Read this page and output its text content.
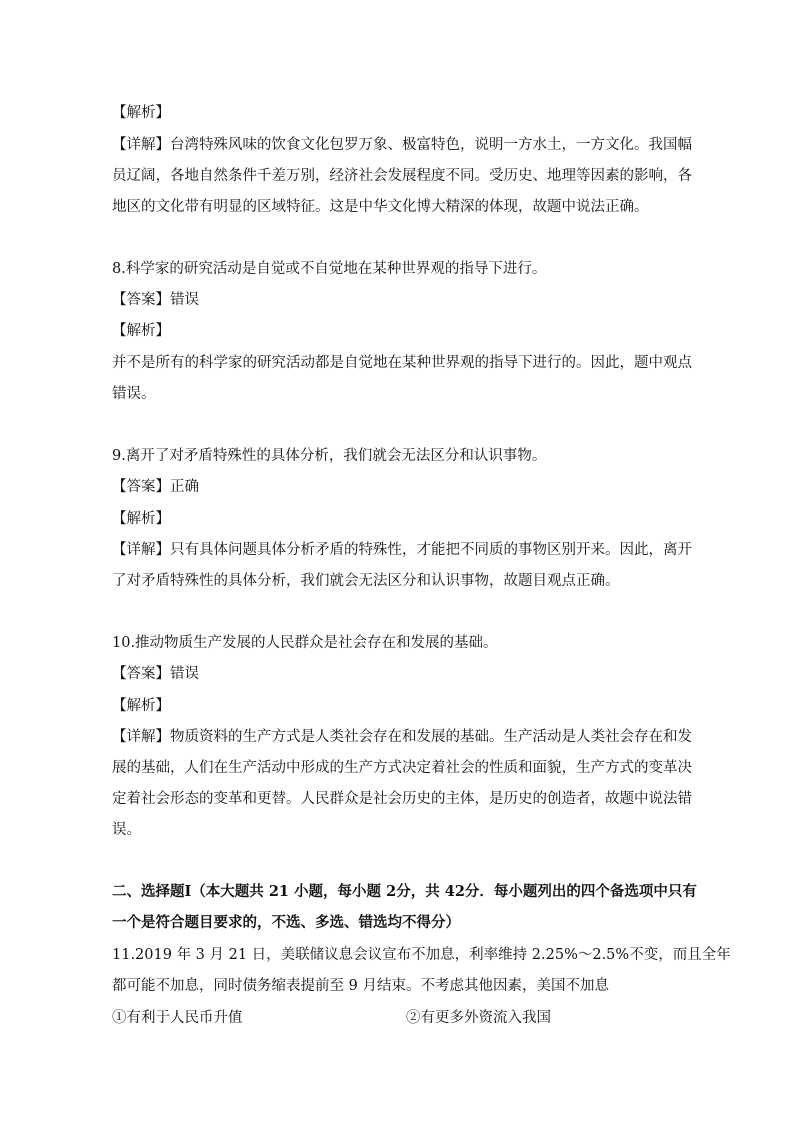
【解析】
【详解】台湾特殊风味的饮食文化包罗万象、极富特色，说明一方水土，一方文化。我国幅
员辽阔，各地自然条件千差万别，经济社会发展程度不同。受历史、地理等因素的影响，各
地区的文化带有明显的区域特征。这是中华文化博大精深的体现，故题中说法正确。
8.科学家的研究活动是自觉或不自觉地在某种世界观的指导下进行。
【答案】错误
【解析】
并不是所有的科学家的研究活动都是自觉地在某种世界观的指导下进行的。因此，题中观点
错误。
9.离开了对矛盾特殊性的具体分析，我们就会无法区分和认识事物。
【答案】正确
【解析】
【详解】只有具体问题具体分析矛盾的特殊性，才能把不同质的事物区别开来。因此，离开
了对矛盾特殊性的具体分析，我们就会无法区分和认识事物，故题目观点正确。
10.推动物质生产发展的人民群众是社会存在和发展的基础。
【答案】错误
【解析】
【详解】物质资料的生产方式是人类社会存在和发展的基础。生产活动是人类社会存在和发
展的基础，人们在生产活动中形成的生产方式决定着社会的性质和面貌，生产方式的变革决
定着社会形态的变革和更替。人民群众是社会历史的主体，是历史的创造者，故题中说法错
误。
二、选择题Ⅰ（本大题共 21 小题，每小题 2分，共 42分．每小题列出的四个备选项中只有
一个是符合题目要求的，不选、多选、错选均不得分）
11.2019 年 3 月 21 日，美联储议息会议宣布不加息，利率维持 2.25%～2.5%不变，而且全年
都可能不加息，同时债务缩表提前至 9 月结束。不考虑其他因素，美国不加息
①有利于人民币升值	②有更多外资流入我国
